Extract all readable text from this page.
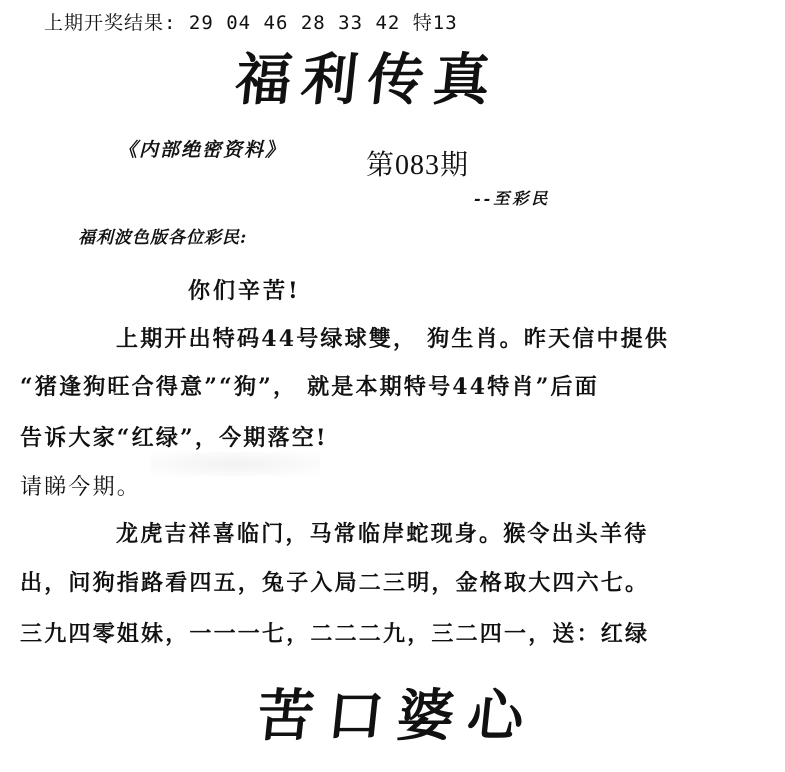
上期开奖结果: 29 04 46 28 33 42 特13
福利传真
《内部绝密资料》	第083期
--至彩民
福利波色版各位彩民:
你们辛苦!
上期开出特码44号绿球雙， 狗生肖。昨天信中提供
“猪逢狗旺合得意”“狗”， 就是本期特号44特肖”后面
告诉大家“红绿”，今期落空!
请睇今期。
龙虎吉祥喜临门，马常临岸蛇现身。猴令出头羊待
出，问狗指路看四五，兔子入局二三明，金格取大四六七。
三九四零姐妹，一一一七，二二二九，三二四一，送：红绿
苦口婆心
